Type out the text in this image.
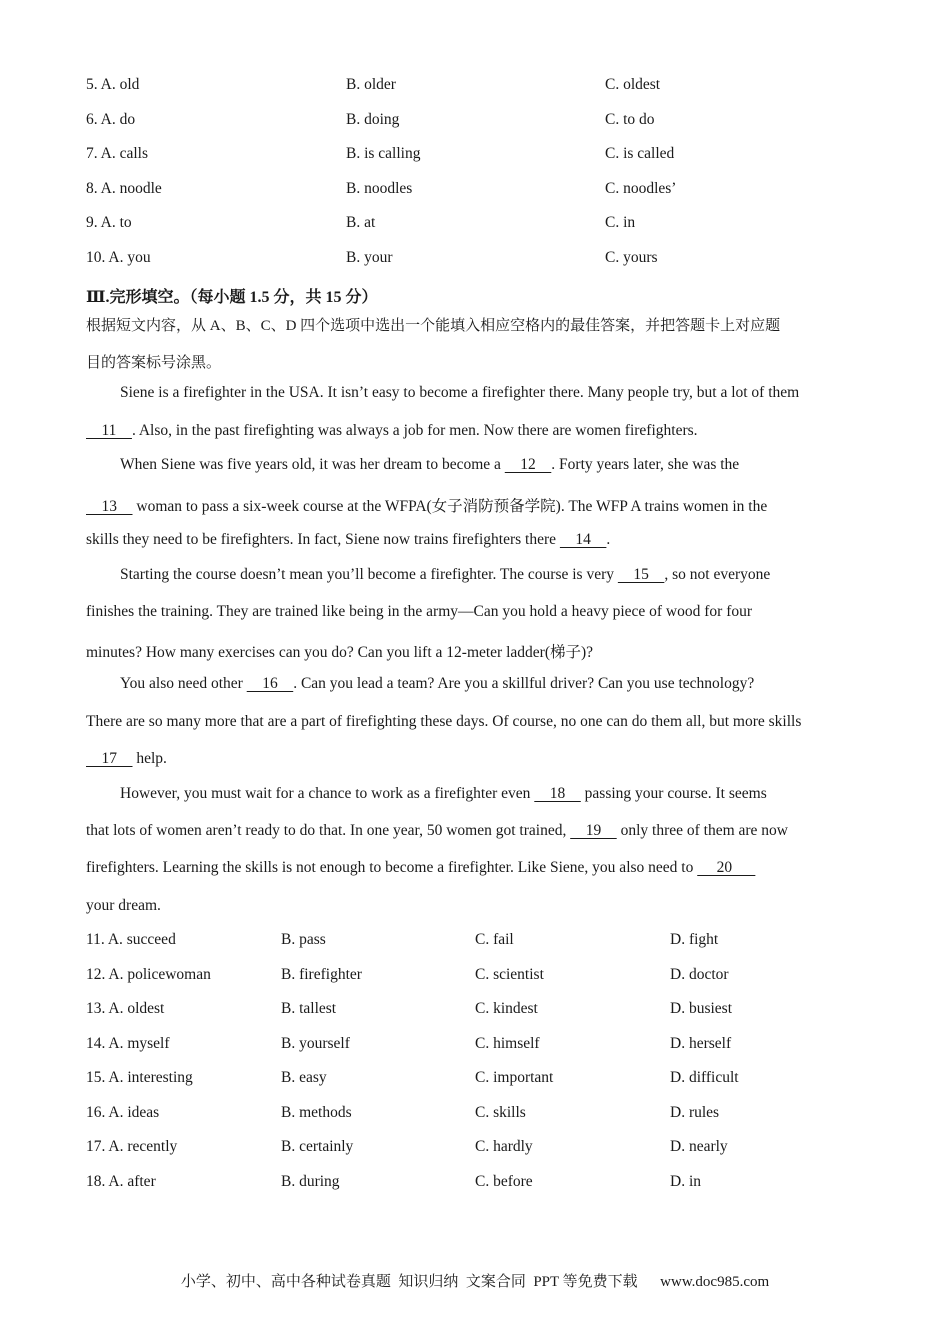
5. A. old	B. older	C. oldest
6. A. do	B. doing	C. to do
7. A. calls	B. is calling	C. is called
8. A. noodle	B. noodles	C. noodles’
9. A. to	B. at	C. in
10. A. you	B. your	C. yours
Ⅲ.完形填空。（每小题 1.5 分，共 15 分）
根据短文内容，从 A、B、C、D 四个选项中选出一个能填入相应空格内的最佳答案，并把答题卡上对应题
目的答案标号涂黑。
Siene is a firefighter in the USA. It isn’t easy to become a firefighter there. Many people try, but a lot of them
11    . Also, in the past firefighting was always a job for men. Now there are women firefighters.
When Siene was five years old, it was her dream to become a     12    . Forty years later, she was the
13     woman to pass a six-week course at the WFPA(女子消防预备学院). The WFP A trains women in the
skills they need to be firefighters. In fact, Siene now trains firefighters there     14    .
Starting the course doesn’t mean you’ll become a firefighter. The course is very     15    , so not everyone
finishes the training. They are trained like being in the army—Can you hold a heavy piece of wood for four
minutes? How many exercises can you do? Can you lift a 12-meter ladder(梯子)?
You also need other     16    . Can you lead a team? Are you a skillful driver? Can you use technology?
There are so many more that are a part of firefighting these days. Of course, no one can do them all, but more skills
17     help.
However, you must wait for a chance to work as a firefighter even     18     passing your course. It seems
that lots of women aren’t ready to do that. In one year, 50 women got trained,     19     only three of them are now
firefighters. Learning the skills is not enough to become a firefighter. Like Siene, you also need to      20
your dream.
11. A. succeed	B. pass	C. fail	D. fight
12. A. policewoman	B. firefighter	C. scientist	D. doctor
13. A. oldest	B. tallest	C. kindest	D. busiest
14. A. myself	B. yourself	C. himself	D. herself
15. A. interesting	B. easy	C. important	D. difficult
16. A. ideas	B. methods	C. skills	D. rules
17. A. recently	B. certainly	C. hardly	D. nearly
18. A. after	B. during	C. before	D. in
小学、初中、高中各种试卷真题  知识归纳  文案合同  PPT 等免费下载      www.doc985.com
